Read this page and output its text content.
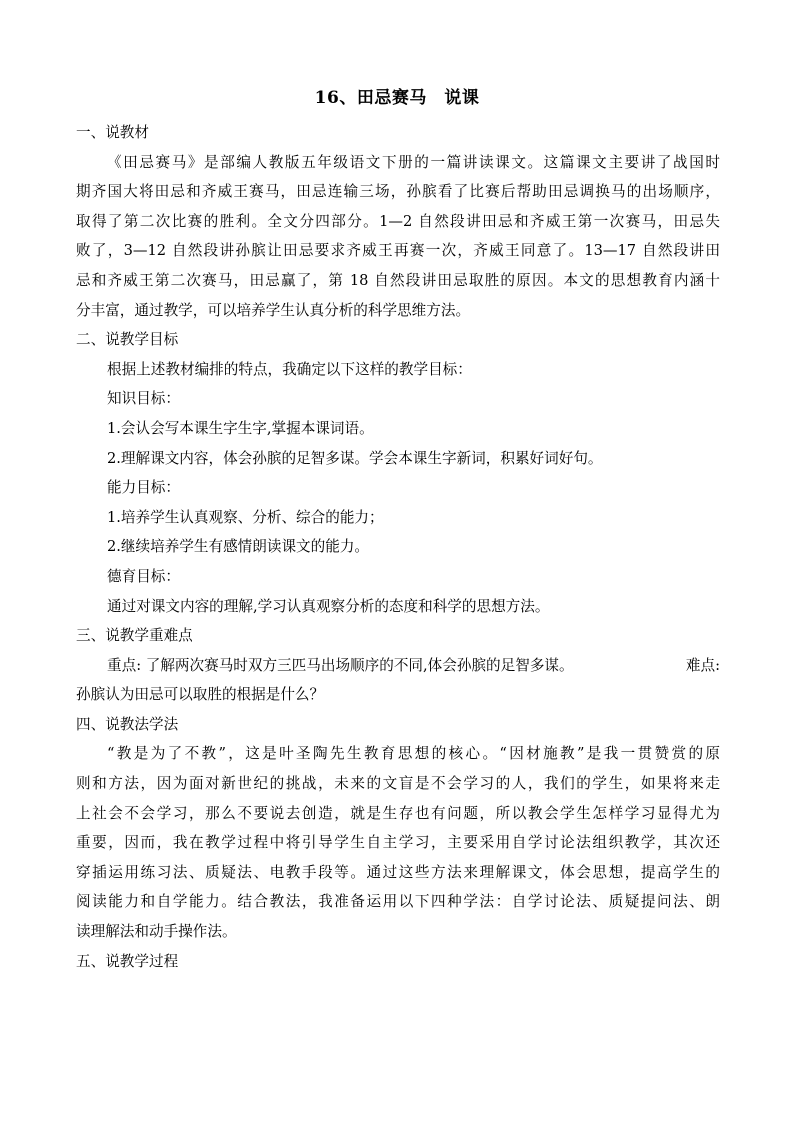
16、田忌赛马　说课
一、说教材
《田忌赛马》是部编人教版五年级语文下册的一篇讲读课文。这篇课文主要讲了战国时
期齐国大将田忌和齐威王赛马，田忌连输三场，孙膑看了比赛后帮助田忌调换马的出场顺序，
取得了第二次比赛的胜利。全文分四部分。1—2 自然段讲田忌和齐威王第一次赛马，田忌失
败了，3—12 自然段讲孙膑让田忌要求齐威王再赛一次，齐威王同意了。13—17 自然段讲田
忌和齐威王第二次赛马，田忌赢了，第 18 自然段讲田忌取胜的原因。本文的思想教育内涵十
分丰富，通过教学，可以培养学生认真分析的科学思维方法。
二、说教学目标
根据上述教材编排的特点，我确定以下这样的教学目标：
知识目标：
1.会认会写本课生字生字,掌握本课词语。
2.理解课文内容，体会孙膑的足智多谋。学会本课生字新词，积累好词好句。
能力目标：
1.培养学生认真观察、分析、综合的能力；
2.继续培养学生有感情朗读课文的能力。
德育目标：
通过对课文内容的理解,学习认真观察分析的态度和科学的思想方法。
三、说教学重难点
重点: 了解两次赛马时双方三匹马出场顺序的不同,体会孙膑的足智多谋。	难点:
孙膑认为田忌可以取胜的根据是什么？
四、说教法学法
“教是为了不教”，这是叶圣陶先生教育思想的核心。“因材施教”是我一贯赞赏的原
则和方法，因为面对新世纪的挑战，未来的文盲是不会学习的人，我们的学生，如果将来走
上社会不会学习，那么不要说去创造，就是生存也有问题，所以教会学生怎样学习显得尤为
重要，因而，我在教学过程中将引导学生自主学习，主要采用自学讨论法组织教学，其次还
穿插运用练习法、质疑法、电教手段等。通过这些方法来理解课文，体会思想，提高学生的
阅读能力和自学能力。结合教法，我准备运用以下四种学法：自学讨论法、质疑提问法、朗
读理解法和动手操作法。
五、说教学过程
